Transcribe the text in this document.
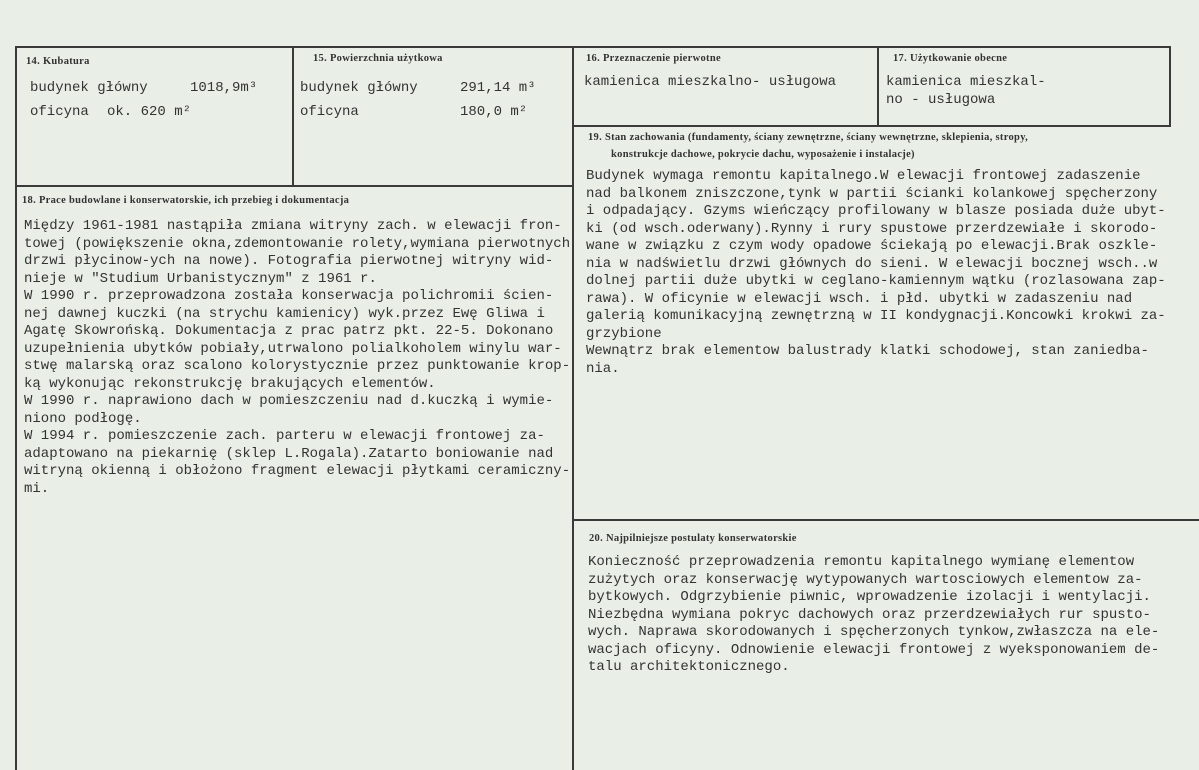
14. Kubatura
budynek główny	1018,9m³
oficyna ok. 620 m²
15. Powierzchnia użytkowa
budynek główny	291,14 m³
oficyna	180,0 m²
16. Przeznaczenie pierwotne
kamienica mieszkalno- usługowa
17. Użytkowanie obecne
kamienica mieszkal-
no - usługowa
18. Prace budowlane i konserwatorskie, ich przebieg i dokumentacja
Między 1961-1981 nastąpiła zmiana witryny zach. w elewacji fron-
towej (powiększenie okna,zdemontowanie rolety,wymiana pierwotnych
drzwi płycinow-ych na nowe). Fotografia pierwotnej witryny wid-
nieje w "Studium Urbanistycznym" z 1961 r.
W 1990 r. przeprowadzona została konserwacja polichromii ścien-
nej dawnej kuczki (na strychu kamienicy) wyk.przez Ewę Gliwa i
Agatę Skowrońską. Dokumentacja z prac patrz pkt. 22-5. Dokonano
uzupełnienia ubytków pobiały,utrwalono polialkoholem winylu war-
stwę malarską oraz scalono kolorystycznie przez punktowanie krop-
ką wykonując rekonstrukcję brakujących elementów.
W 1990 r. naprawiono dach w pomieszczeniu nad d.kuczką i wymie-
niono podłogę.
W 1994 r. pomieszczenie zach. parteru w elewacji frontowej za-
adaptowano na piekarnię (sklep L.Rogala).Zatarto boniowanie nad
witryną okienną i obłożono fragment elewacji płytkami ceramiczny-
mi.
19. Stan zachowania (fundamenty, ściany zewnętrzne, ściany wewnętrzne, sklepienia, stropy,
konstrukcje dachowe, pokrycie dachu, wyposażenie i instalacje)
Budynek wymaga remontu kapitalnego.W elewacji frontowej zadaszenie
nad balkonem zniszczone,tynk w partii ścianki kolankowej spęcherzony
i odpadający. Gzyms wieńczący profilowany w blasze posiada duże ubyt-
ki (od wsch.oderwany).Rynny i rury spustowe przerdzewiałe i skorodo-
wane w związku z czym wody opadowe ściekają po elewacji.Brak oszkle-
nia w nadświetlu drzwi głównych do sieni. W elewacji bocznej wsch..w
dolnej partii duże ubytki w ceglano-kamiennym wątku (rozlasowana zap-
rawa). W oficynie w elewacji wsch. i płd. ubytki w zadaszeniu nad
galerią komunikacyjną zewnętrzną w II kondygnacji.Koncowki krokwi za-
grzybione
Wewnątrz brak elementow balustrady klatki schodowej, stan zaniedba-
nia.
20. Najpilniejsze postulaty konserwatorskie
Konieczność przeprowadzenia remontu kapitalnego wymianę elementow
zużytych oraz konserwację wytypowanych wartosciowych elementow za-
bytkowych. Odgrzybienie piwnic, wprowadzenie izolacji i wentylacji.
Niezbędna wymiana pokryc dachowych oraz przerdzewiałych rur spusto-
wych. Naprawa skorodowanych i spęcherzonych tynkow,zwłaszcza na ele-
wacjach oficyny. Odnowienie elewacji frontowej z wyeksponowaniem de-
talu architektonicznego.
